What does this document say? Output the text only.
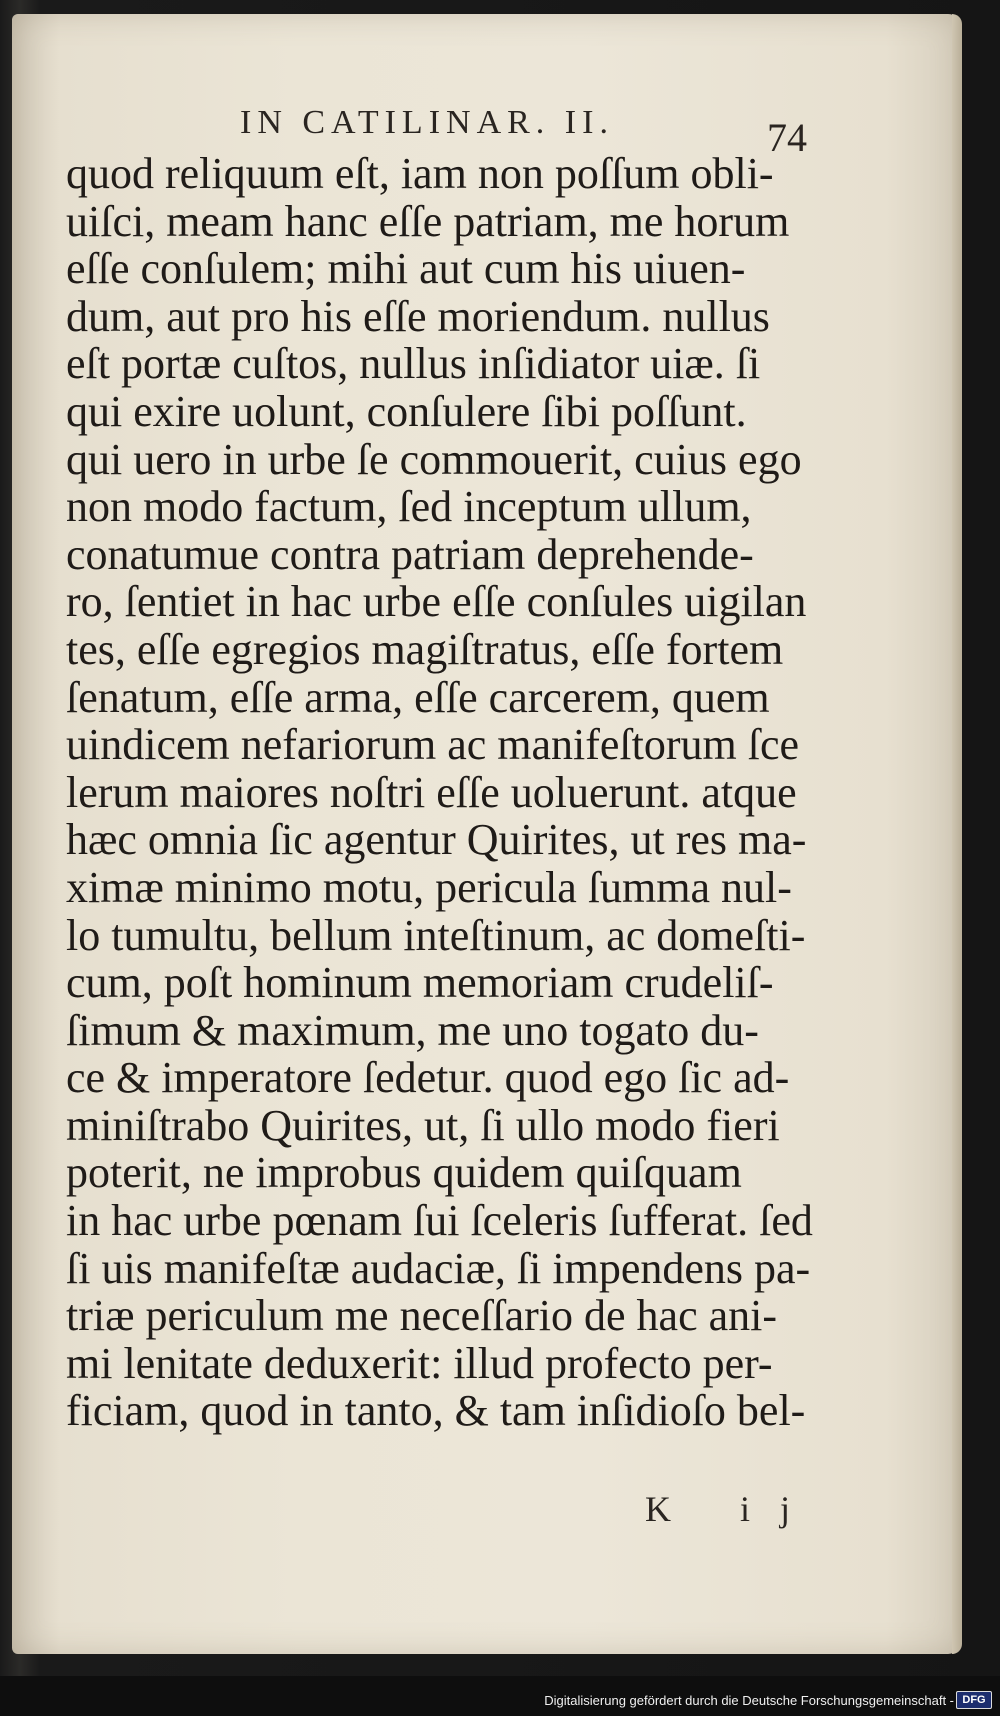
IN CATILINAR. II.	74
quod reliquum eſt, iam non poſſum obli-
uiſci, meam hanc eſſe patriam, me horum
eſſe conſulem; mihi aut cum his uiuen-
dum, aut pro his eſſe moriendum. nullus
eſt portæ cuſtos, nullus inſidiator uiæ. ſi
qui exire uolunt, conſulere ſibi poſſunt.
qui uero in urbe ſe commouerit, cuius ego
non modo factum, ſed inceptum ullum,
conatumue contra patriam deprehende-
ro, ſentiet in hac urbe eſſe conſules uigilan
tes, eſſe egregios magiſtratus, eſſe fortem
ſenatum, eſſe arma, eſſe carcerem, quem
uindicem nefariorum ac manifeſtorum ſce
lerum maiores noſtri eſſe uoluerunt. atque
hæc omnia ſic agentur Quirites, ut res ma-
ximæ minimo motu, pericula ſumma nul-
lo tumultu, bellum inteſtinum, ac domeſti-
cum, poſt hominum memoriam crudeliſ-
ſimum & maximum, me uno togato du-
ce & imperatore ſedetur. quod ego ſic ad-
miniſtrabo Quirites, ut, ſi ullo modo fieri
poterit, ne improbus quidem quiſquam
in hac urbe pœnam ſui ſceleris ſufferat. ſed
ſi uis manifeſtæ audaciæ, ſi impendens pa-
triæ periculum me neceſſario de hac ani-
mi lenitate deduxerit: illud profecto per-
ficiam, quod in tanto, & tam inſidioſo bel-
K ij
Digitalisierung gefördert durch die Deutsche Forschungsgemeinschaft - DFG
